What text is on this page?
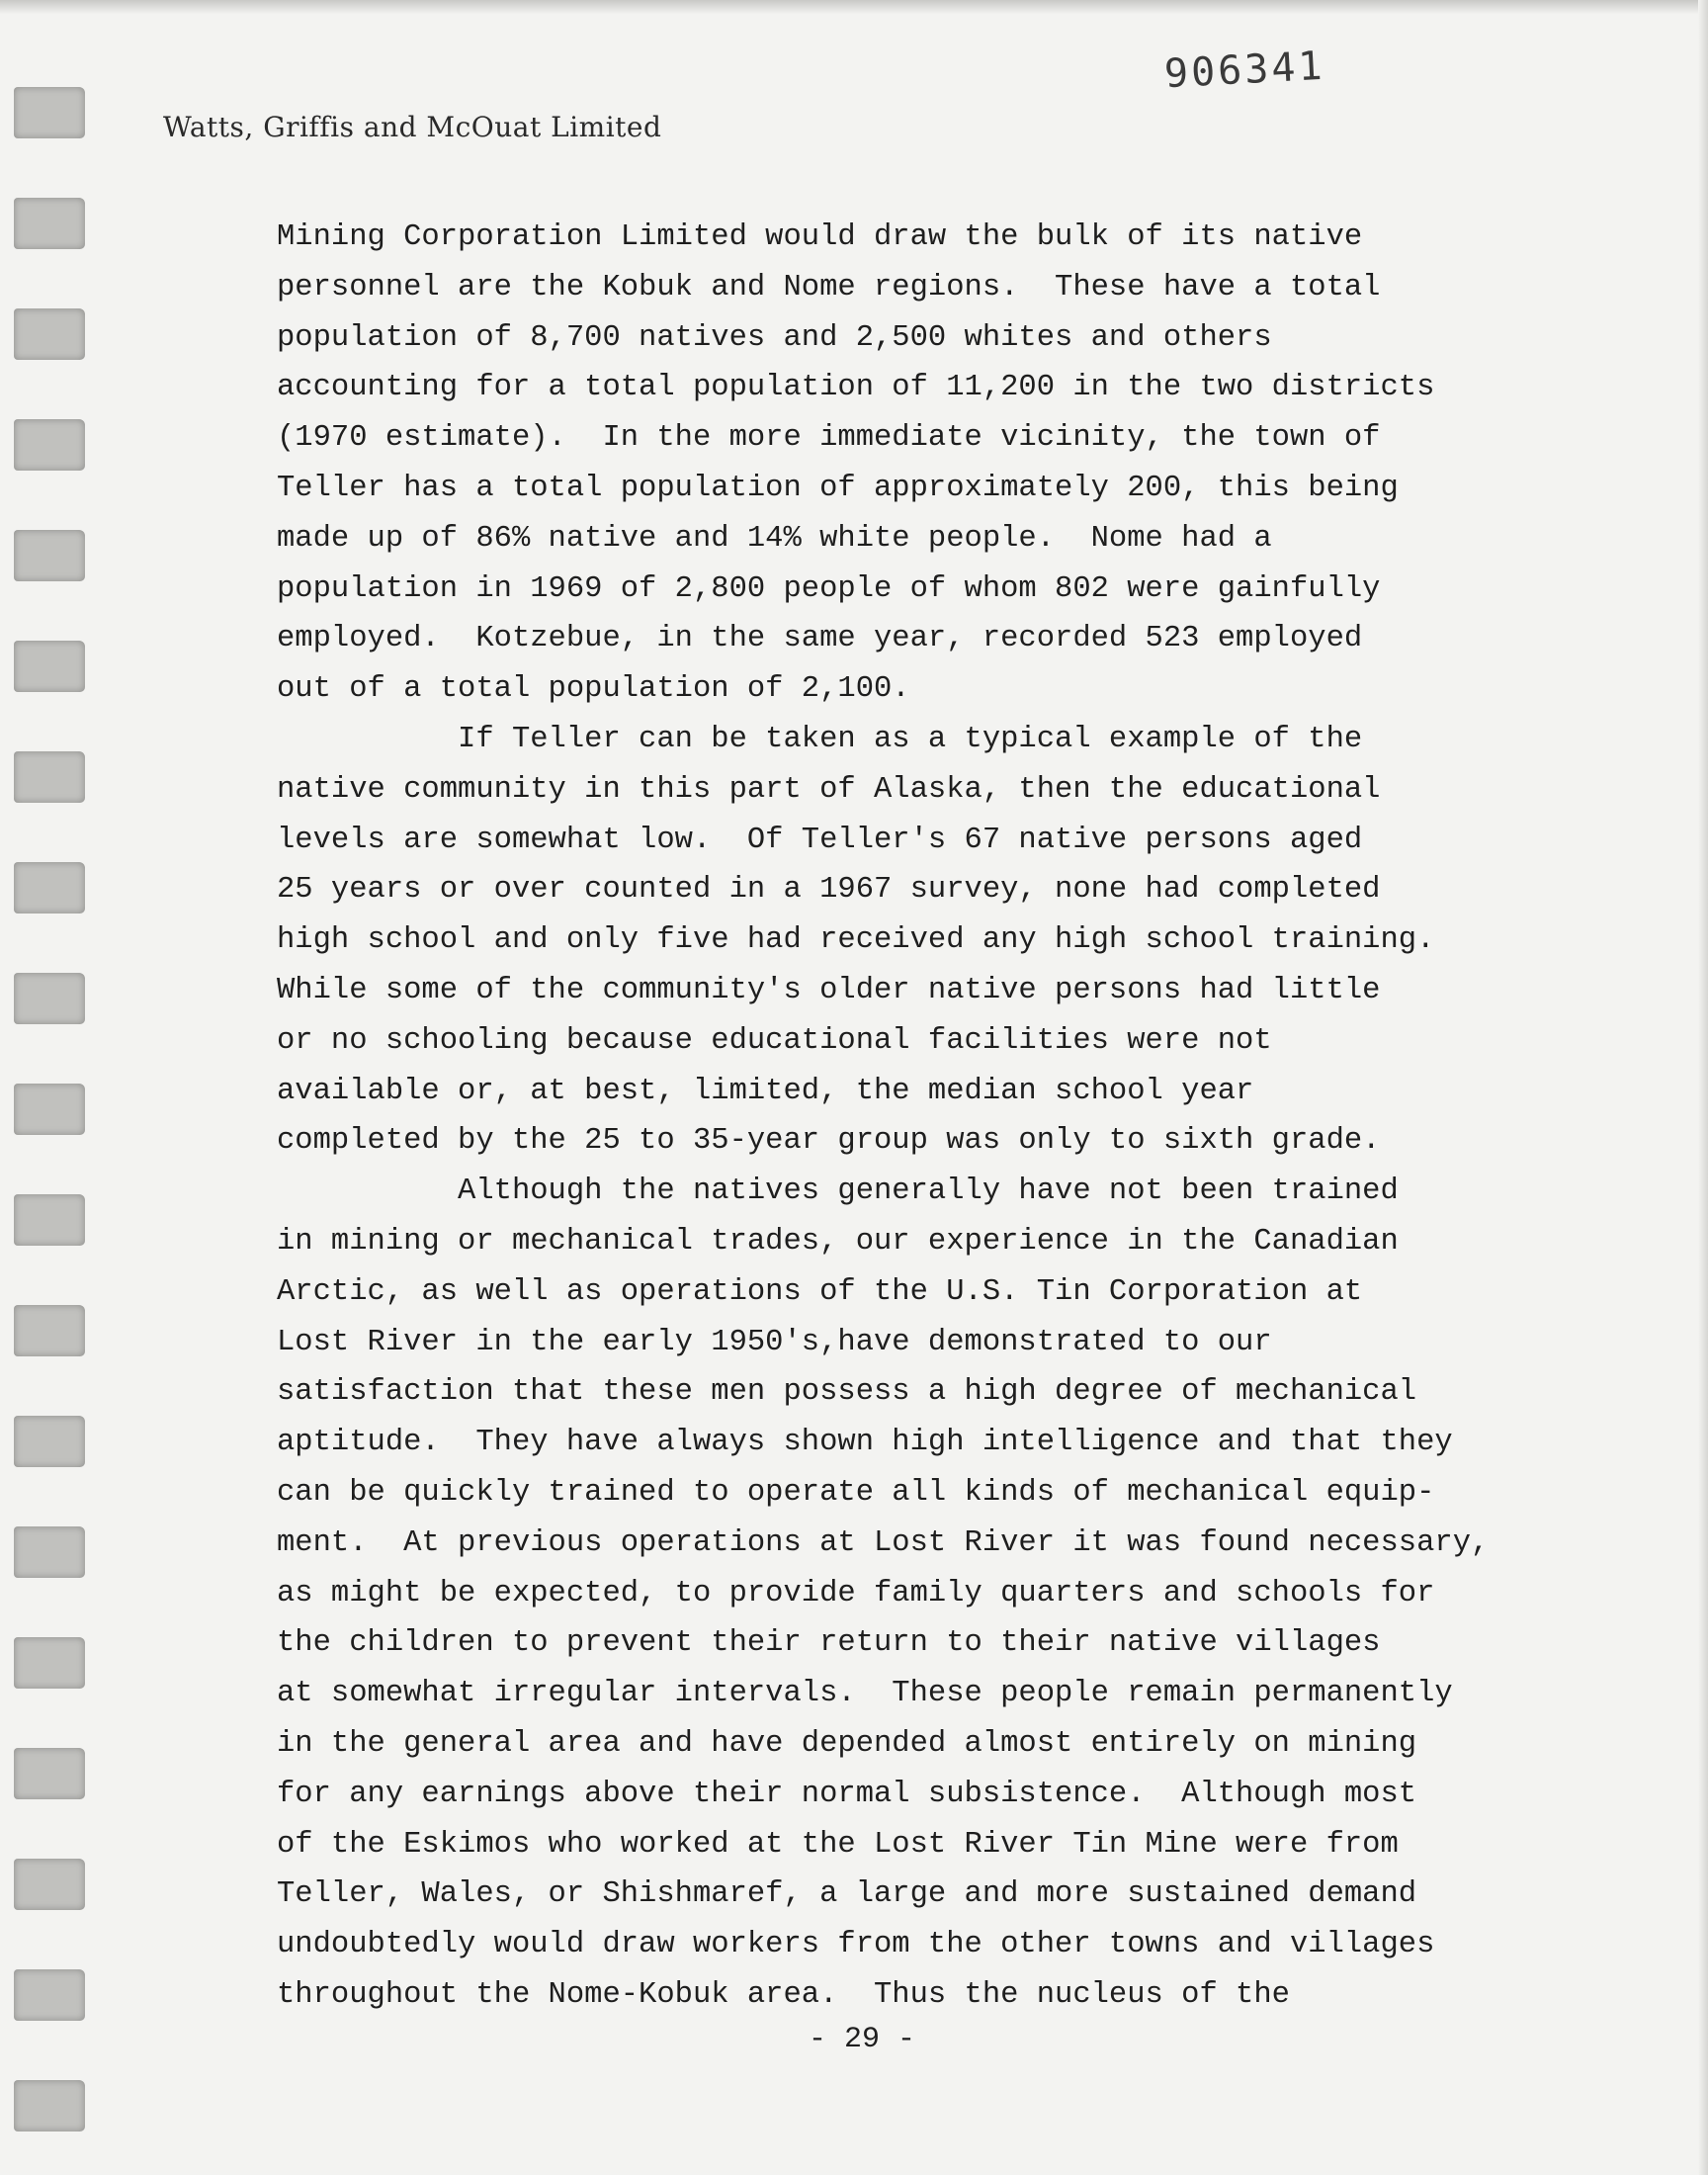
906341
Watts, Griffis and McOuat Limited
Mining Corporation Limited would draw the bulk of its native
personnel are the Kobuk and Nome regions.  These have a total
population of 8,700 natives and 2,500 whites and others
accounting for a total population of 11,200 in the two districts
(1970 estimate).  In the more immediate vicinity, the town of
Teller has a total population of approximately 200, this being
made up of 86% native and 14% white people.  Nome had a
population in 1969 of 2,800 people of whom 802 were gainfully
employed.  Kotzebue, in the same year, recorded 523 employed
out of a total population of 2,100.
If Teller can be taken as a typical example of the
native community in this part of Alaska, then the educational
levels are somewhat low.  Of Teller's 67 native persons aged
25 years or over counted in a 1967 survey, none had completed
high school and only five had received any high school training.
While some of the community's older native persons had little
or no schooling because educational facilities were not
available or, at best, limited, the median school year
completed by the 25 to 35-year group was only to sixth grade.
Although the natives generally have not been trained
in mining or mechanical trades, our experience in the Canadian
Arctic, as well as operations of the U.S. Tin Corporation at
Lost River in the early 1950's,have demonstrated to our
satisfaction that these men possess a high degree of mechanical
aptitude.  They have always shown high intelligence and that they
can be quickly trained to operate all kinds of mechanical equip-
ment.  At previous operations at Lost River it was found necessary,
as might be expected, to provide family quarters and schools for
the children to prevent their return to their native villages
at somewhat irregular intervals.  These people remain permanently
in the general area and have depended almost entirely on mining
for any earnings above their normal subsistence.  Although most
of the Eskimos who worked at the Lost River Tin Mine were from
Teller, Wales, or Shishmaref, a large and more sustained demand
undoubtedly would draw workers from the other towns and villages
throughout the Nome-Kobuk area.  Thus the nucleus of the
- 29 -
